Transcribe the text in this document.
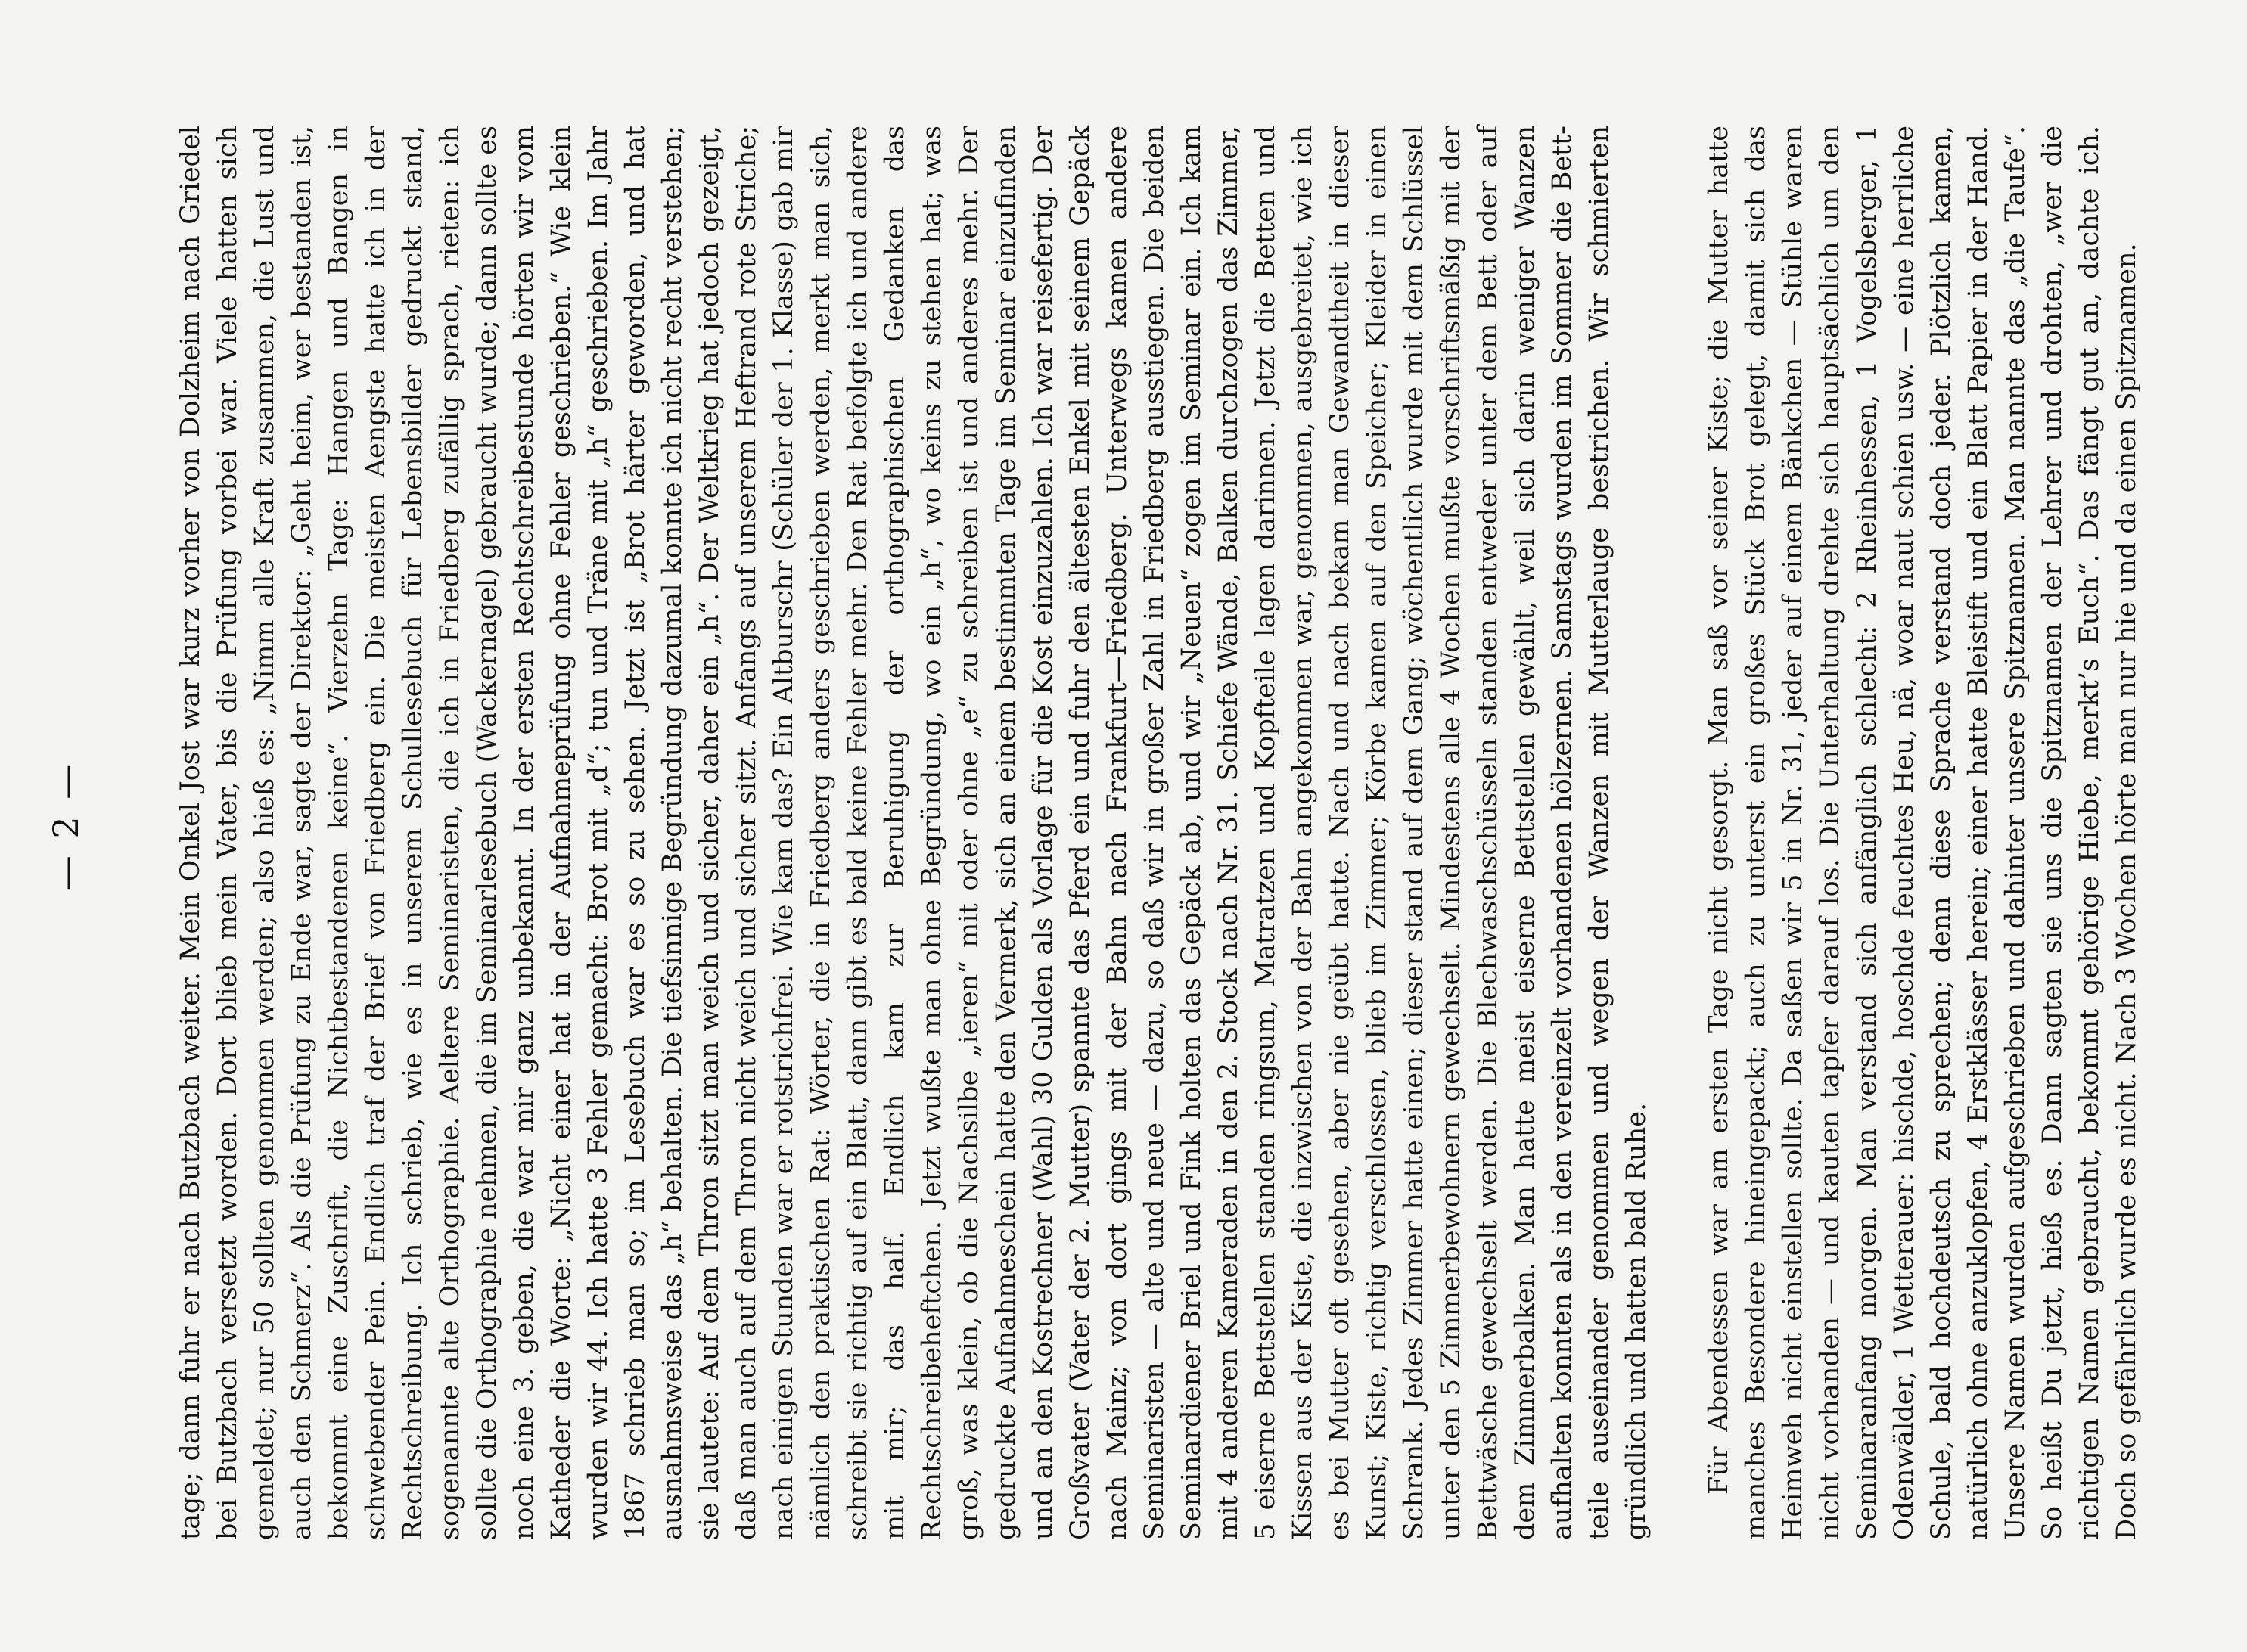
— 2 —	tage; dann fuhr er nach Butzbach weiter. Mein Onkel Jost war kurz vorher von Dolzheim nach Griedel bei Butzbach versetzt worden. Dort blieb mein Vater, bis die Prüfung vorbei war. Viele hatten sich gemeldet; nur 50 sollten genommen werden; also hieß es: „Nimm alle Kraft zusammen, die Lust und auch den Schmerz“. Als die Prüfung zu Ende war, sagte der Direktor: „Geht heim, wer bestanden ist, bekommt eine Zuschrift, die Nichtbestandenen keine“. Vierzehn Tage: Hangen und Bangen in schwebender Pein. Endlich traf der Brief von Friedberg ein. Die meisten Aengste hatte ich in der Rechtschreibung. Ich schrieb, wie es in unserem Schullesebuch für Lebensbilder gedruckt stand, sogenannte alte Orthographie. Aeltere Seminaristen, die ich in Friedberg zufällig sprach, rieten: ich sollte die Orthographie nehmen, die im Seminarlesebuch (Wackernagel) gebraucht wurde; dann sollte es noch eine 3. geben, die war mir ganz unbekannt. In der ersten Rechtschreibestunde hörten wir vom Katheder die Worte: „Nicht einer hat in der Aufnahmeprüfung ohne Fehler geschrieben.“ Wie klein wurden wir 44. Ich hatte 3 Fehler gemacht: Brot mit „d“; tun und Träne mit „h“ geschrieben. Im Jahr 1867 schrieb man so; im Lesebuch war es so zu sehen. Jetzt ist „Brot härter geworden, und hat ausnahmsweise das „h“ behalten. Die tiefsinnige Begründung dazumal konnte ich nicht recht verstehen; sie lautete: Auf dem Thron sitzt man weich und sicher, daher ein „h“. Der Weltkrieg hat jedoch gezeigt, daß man auch auf dem Thron nicht weich und sicher sitzt. Anfangs auf unserem Heftrand rote Striche; nach einigen Stunden war er rotstrichfrei. Wie kam das? Ein Altburschr (Schüler der 1. Klasse) gab mir nämlich den praktischen Rat: Wörter, die in Friedberg anders geschrieben werden, merkt man sich, schreibt sie richtig auf ein Blatt, dann gibt es bald keine Fehler mehr. Den Rat befolgte ich und andere mit mir; das half. Endlich kam zur Beruhigung der orthographischen Gedanken das Rechtschreibeheftchen. Jetzt wußte man ohne Begründung, wo ein „h“, wo keins zu stehen hat; was groß, was klein, ob die Nachsilbe „ieren“ mit oder ohne „e“ zu schreiben ist und anderes mehr. Der gedruckte Aufnahmeschein hatte den Vermerk, sich an einem bestimmten Tage im Seminar einzufinden und an den Kostrechner (Wahl) 30 Gulden als Vorlage für die Kost einzuzahlen. Ich war reisefertig. Der Großvater (Vater der 2. Mutter) spannte das Pferd ein und fuhr den ältesten Enkel mit seinem Gepäck nach Mainz; von dort gings mit der Bahn nach Frankfurt—Friedberg. Unterwegs kamen andere Seminaristen — alte und neue — dazu, so daß wir in großer Zahl in Friedberg ausstiegen. Die beiden Seminardiener Briel und Fink holten das Gepäck ab, und wir „Neuen“ zogen im Seminar ein. Ich kam mit 4 anderen Kameraden in den 2. Stock nach Nr. 31. Schiefe Wände, Balken durchzogen das Zimmer, 5 eiserne Bettstellen standen ringsum, Matratzen und Kopfteile lagen darinnen. Jetzt die Betten und Kissen aus der Kiste, die inzwischen von der Bahn angekommen war, genommen, ausgebreitet, wie ich es bei Mutter oft gesehen, aber nie geübt hatte. Nach und nach bekam man Gewandtheit in dieser Kunst; Kiste, richtig verschlossen, blieb im Zimmer; Körbe kamen auf den Speicher; Kleider in einen Schrank. Jedes Zimmer hatte einen; dieser stand auf dem Gang; wöchentlich wurde mit dem Schlüssel unter den 5 Zimmerbewohnern gewechselt. Mindestens alle 4 Wochen mußte vorschriftsmäßig mit der Bettwäsche gewechselt werden. Die Blechwaschschüsseln standen entweder unter dem Bett oder auf dem Zimmerbalken. Man hatte meist eiserne Bettstellen gewählt, weil sich darin weniger Wanzen aufhalten konnten als in den vereinzelt vorhandenen hölzernen. Samstags wurden im Sommer die Bett-teile auseinander genommen und wegen der Wanzen mit Mutterlauge bestrichen. Wir schmierten gründlich und hatten bald Ruhe. Für Abendessen war am ersten Tage nicht gesorgt. Man saß vor seiner Kiste; die Mutter hatte manches Besondere hineingepackt; auch zu unterst ein großes Stück Brot gelegt, damit sich das Heimweh nicht einstellen sollte. Da saßen wir 5 in Nr. 31, jeder auf einem Bänkchen — Stühle waren nicht vorhanden — und kauten tapfer darauf los. Die Unterhaltung drehte sich hauptsächlich um den Seminaranfang morgen. Man verstand sich anfänglich schlecht: 2 Rheinhessen, 1 Vogelsberger, 1 Odenwälder, 1 Wetterauer: hischde, hoschde feuchtes Heu, nä, woar naut schien usw. — eine herrliche Schule, bald hochdeutsch zu sprechen; denn diese Sprache verstand doch jeder. Plötzlich kamen, natürlich ohne anzuklopfen, 4 Erstklässer herein; einer hatte Bleistift und ein Blatt Papier in der Hand. Unsere Namen wurden aufgeschrieben und dahinter unsere Spitznamen. Man nannte das „die Taufe“. So heißt Du jetzt, hieß es. Dann sagten sie uns die Spitznamen der Lehrer und drohten, „wer die richtigen Namen gebraucht, bekommt gehörige Hiebe, merkt’s Euch“. Das fängt gut an, dachte ich. Doch so gefährlich wurde es nicht. Nach 3 Wochen hörte man nur hie und da einen Spitznamen.
